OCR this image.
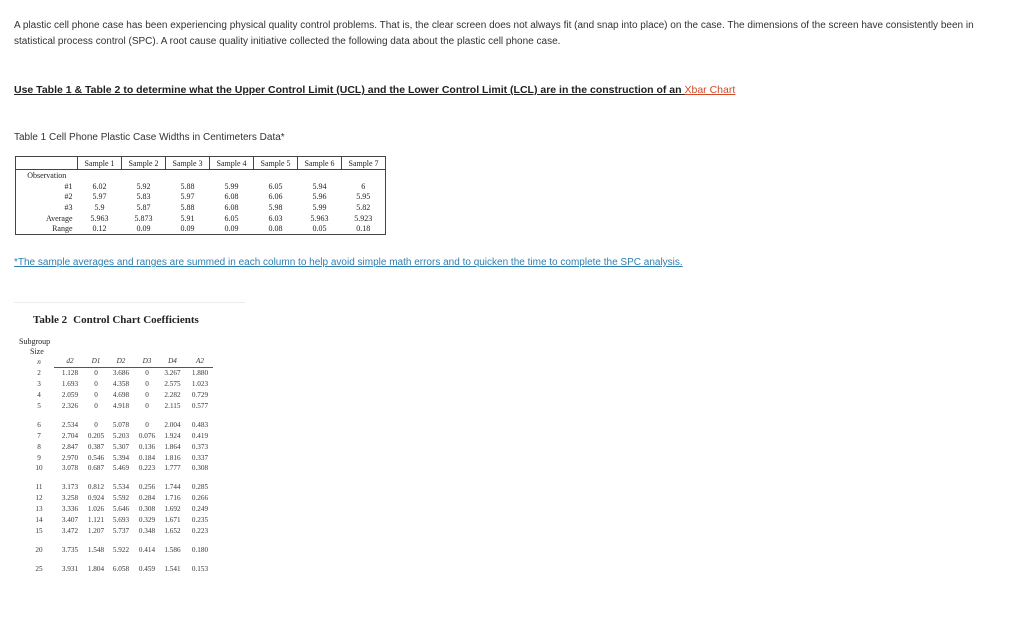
A plastic cell phone case has been experiencing physical quality control problems. That is, the clear screen does not always fit (and snap into place) on the case. The dimensions of the screen have consistently been in statistical process control (SPC). A root cause quality initiative collected the following data about the plastic cell phone case.
Use Table 1 & Table 2 to determine what the Upper Control Limit (UCL) and the Lower Control Limit (LCL) are in the construction of an Xbar Chart
Table 1 Cell Phone Plastic Case Widths in Centimeters Data*
	Sample 1	Sample 2	Sample 3	Sample 4	Sample 5	Sample 6	Sample 7
Observation							
#1	6.02	5.92	5.88	5.99	6.05	5.94	6
#2	5.97	5.83	5.97	6.08	6.06	5.96	5.95
#3	5.9	5.87	5.88	6.08	5.98	5.99	5.82
Average	5.963	5.873	5.91	6.05	6.03	5.963	5.923
Range	0.12	0.09	0.09	0.09	0.08	0.05	0.18
*The sample averages and ranges are summed in each column to help avoid simple math errors and to quicken the time to complete the SPC analysis.
Table 2 Control Chart Coefficients
Subgroup
Size
n	d2	D1	D2	D3	D4	A2
2	1.128	0	3.686	0	3.267	1.880
3	1.693	0	4.358	0	2.575	1.023
4	2.059	0	4.698	0	2.282	0.729
5	2.326	0	4.918	0	2.115	0.577

6	2.534	0	5.078	0	2.004	0.483
7	2.704	0.205	5.203	0.076	1.924	0.419
8	2.847	0.387	5.307	0.136	1.864	0.373
9	2.970	0.546	5.394	0.184	1.816	0.337
10	3.078	0.687	5.469	0.223	1.777	0.308

11	3.173	0.812	5.534	0.256	1.744	0.285
12	3.258	0.924	5.592	0.284	1.716	0.266
13	3.336	1.026	5.646	0.308	1.692	0.249
14	3.407	1.121	5.693	0.329	1.671	0.235
15	3.472	1.207	5.737	0.348	1.652	0.223

20	3.735	1.548	5.922	0.414	1.586	0.180

25	3.931	1.804	6.058	0.459	1.541	0.153
